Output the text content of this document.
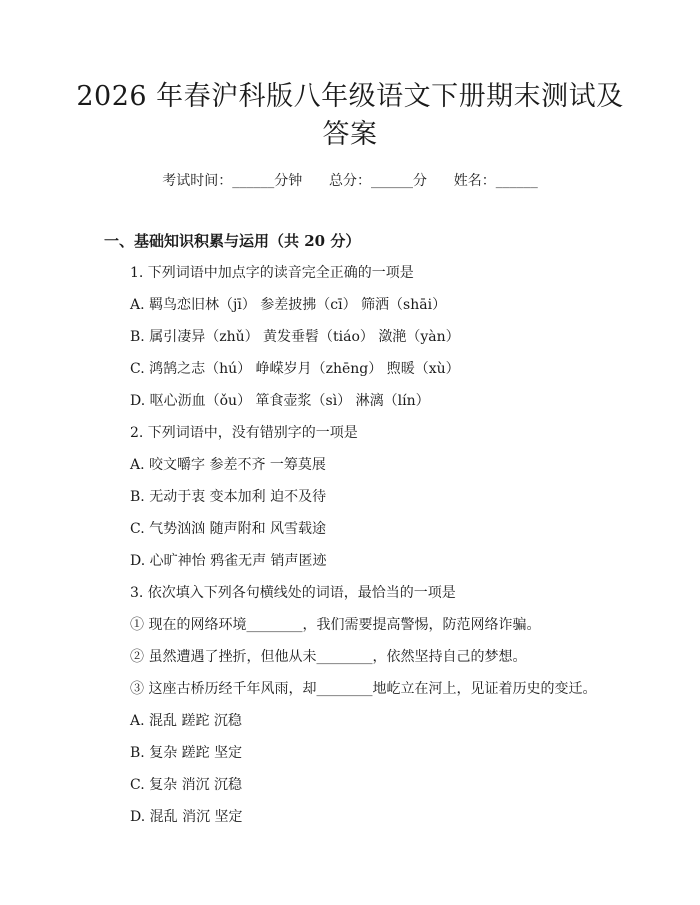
2026 年春沪科版八年级语文下册期末测试及
答案
考试时间：______分钟      总分：______分      姓名：______
一、基础知识积累与运用（共 20 分）
1. 下列词语中加点字的读音完全正确的一项是
A. 羁鸟恋旧林（jī） 参差披拂（cī） 筛洒（shāi）
B. 属引凄异（zhǔ） 黄发垂髫（tiáo） 潋滟（yàn）
C. 鸿鹄之志（hú） 峥嵘岁月（zhēng） 煦暖（xù）
D. 呕心沥血（ǒu） 箪食壶浆（sì） 淋漓（lín）
2. 下列词语中，没有错别字的一项是
A. 咬文嚼字 参差不齐 一筹莫展
B. 无动于衷 变本加利 迫不及待
C. 气势汹汹 随声附和 风雪载途
D. 心旷神怡 鸦雀无声 销声匿迹
3. 依次填入下列各句横线处的词语，最恰当的一项是
① 现在的网络环境________，我们需要提高警惕，防范网络诈骗。
② 虽然遭遇了挫折，但他从未________，依然坚持自己的梦想。
③ 这座古桥历经千年风雨，却________地屹立在河上，见证着历史的变迁。
A. 混乱 蹉跎 沉稳
B. 复杂 蹉跎 坚定
C. 复杂 消沉 沉稳
D. 混乱 消沉 坚定
